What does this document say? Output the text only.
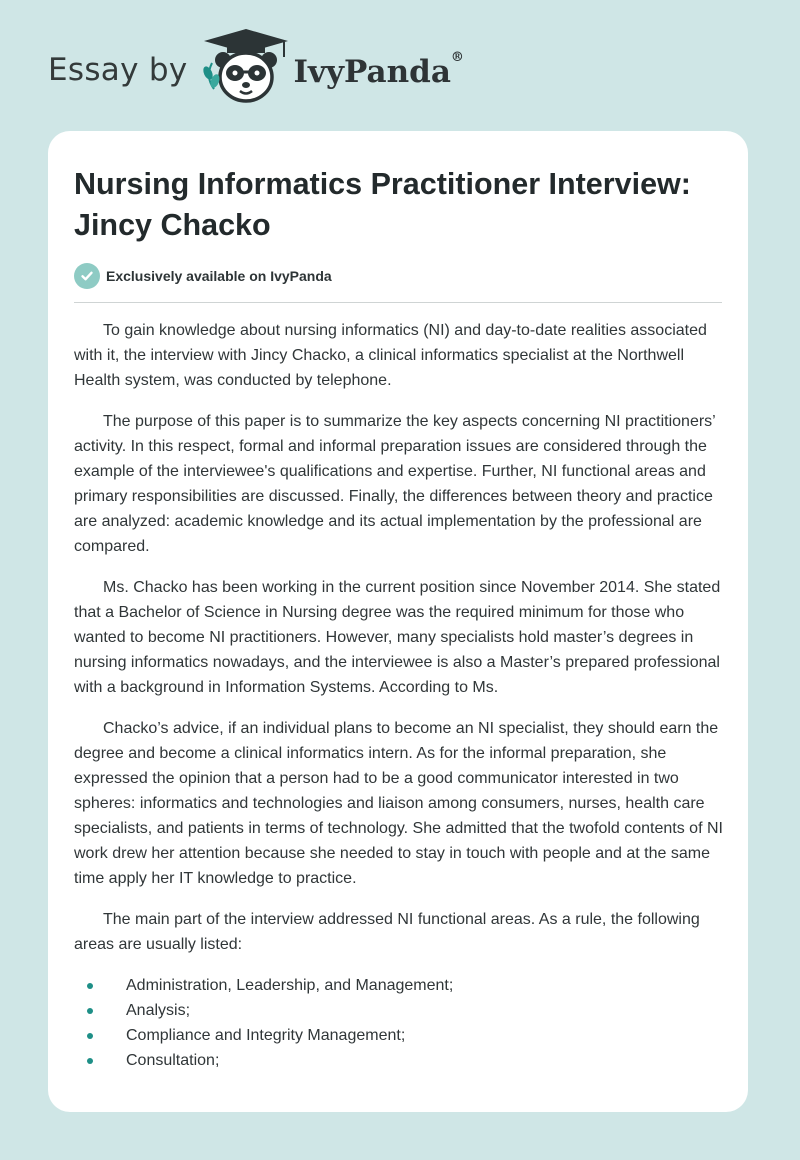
Essay by	IvyPanda®
Nursing Informatics Practitioner Interview: Jincy Chacko
Exclusively available on IvyPanda

To gain knowledge about nursing informatics (NI) and day-to-date realities associated with it, the interview with Jincy Chacko, a clinical informatics specialist at the Northwell Health system, was conducted by telephone.

The purpose of this paper is to summarize the key aspects concerning NI practitioners’ activity. In this respect, formal and informal preparation issues are considered through the example of the interviewee's qualifications and expertise. Further, NI functional areas and primary responsibilities are discussed. Finally, the differences between theory and practice are analyzed: academic knowledge and its actual implementation by the professional are compared.

Ms. Chacko has been working in the current position since November 2014. She stated that a Bachelor of Science in Nursing degree was the required minimum for those who wanted to become NI practitioners. However, many specialists hold master’s degrees in nursing informatics nowadays, and the interviewee is also a Master’s prepared professional with a background in Information Systems. According to Ms.

Chacko’s advice, if an individual plans to become an NI specialist, they should earn the degree and become a clinical informatics intern. As for the informal preparation, she expressed the opinion that a person had to be a good communicator interested in two spheres: informatics and technologies and liaison among consumers, nurses, health care specialists, and patients in terms of technology. She admitted that the twofold contents of NI work drew her attention because she needed to stay in touch with people and at the same time apply her IT knowledge to practice.

The main part of the interview addressed NI functional areas. As a rule, the following areas are usually listed:

Administration, Leadership, and Management;
Analysis;
Compliance and Integrity Management;
Consultation;
